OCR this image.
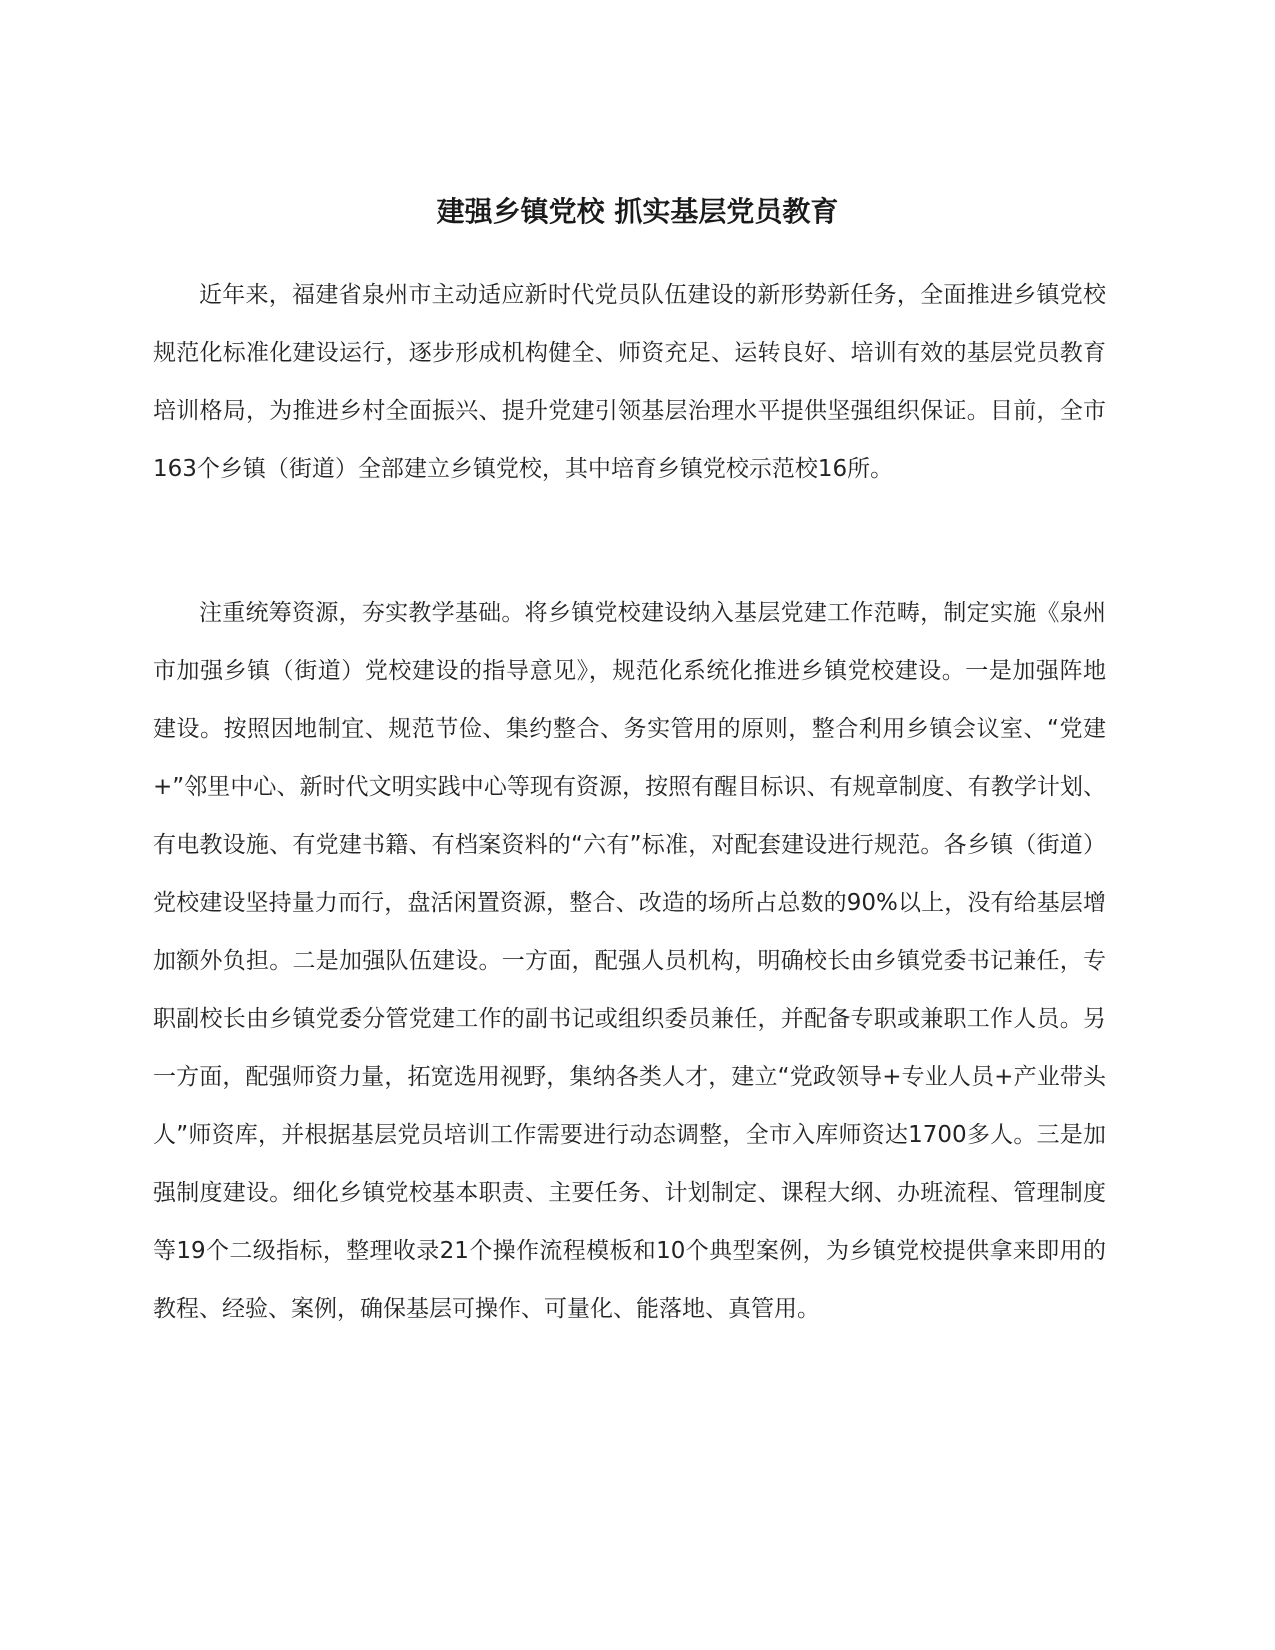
建强乡镇党校 抓实基层党员教育

近年来，福建省泉州市主动适应新时代党员队伍建设的新形势新任务，全面推进乡镇党校规范化标准化建设运行，逐步形成机构健全、师资充足、运转良好、培训有效的基层党员教育培训格局，为推进乡村全面振兴、提升党建引领基层治理水平提供坚强组织保证。目前，全市163个乡镇（街道）全部建立乡镇党校，其中培育乡镇党校示范校16所。

注重统筹资源，夯实教学基础。将乡镇党校建设纳入基层党建工作范畴，制定实施《泉州市加强乡镇（街道）党校建设的指导意见》，规范化系统化推进乡镇党校建设。一是加强阵地建设。按照因地制宜、规范节俭、集约整合、务实管用的原则，整合利用乡镇会议室、“党建+”邻里中心、新时代文明实践中心等现有资源，按照有醒目标识、有规章制度、有教学计划、有电教设施、有党建书籍、有档案资料的“六有”标准，对配套建设进行规范。各乡镇（街道）党校建设坚持量力而行，盘活闲置资源，整合、改造的场所占总数的90%以上，没有给基层增加额外负担。二是加强队伍建设。一方面，配强人员机构，明确校长由乡镇党委书记兼任，专职副校长由乡镇党委分管党建工作的副书记或组织委员兼任，并配备专职或兼职工作人员。另一方面，配强师资力量，拓宽选用视野，集纳各类人才，建立“党政领导+专业人员+产业带头人”师资库，并根据基层党员培训工作需要进行动态调整，全市入库师资达1700多人。三是加强制度建设。细化乡镇党校基本职责、主要任务、计划制定、课程大纲、办班流程、管理制度等19个二级指标，整理收录21个操作流程模板和10个典型案例，为乡镇党校提供拿来即用的教程、经验、案例，确保基层可操作、可量化、能落地、真管用。
